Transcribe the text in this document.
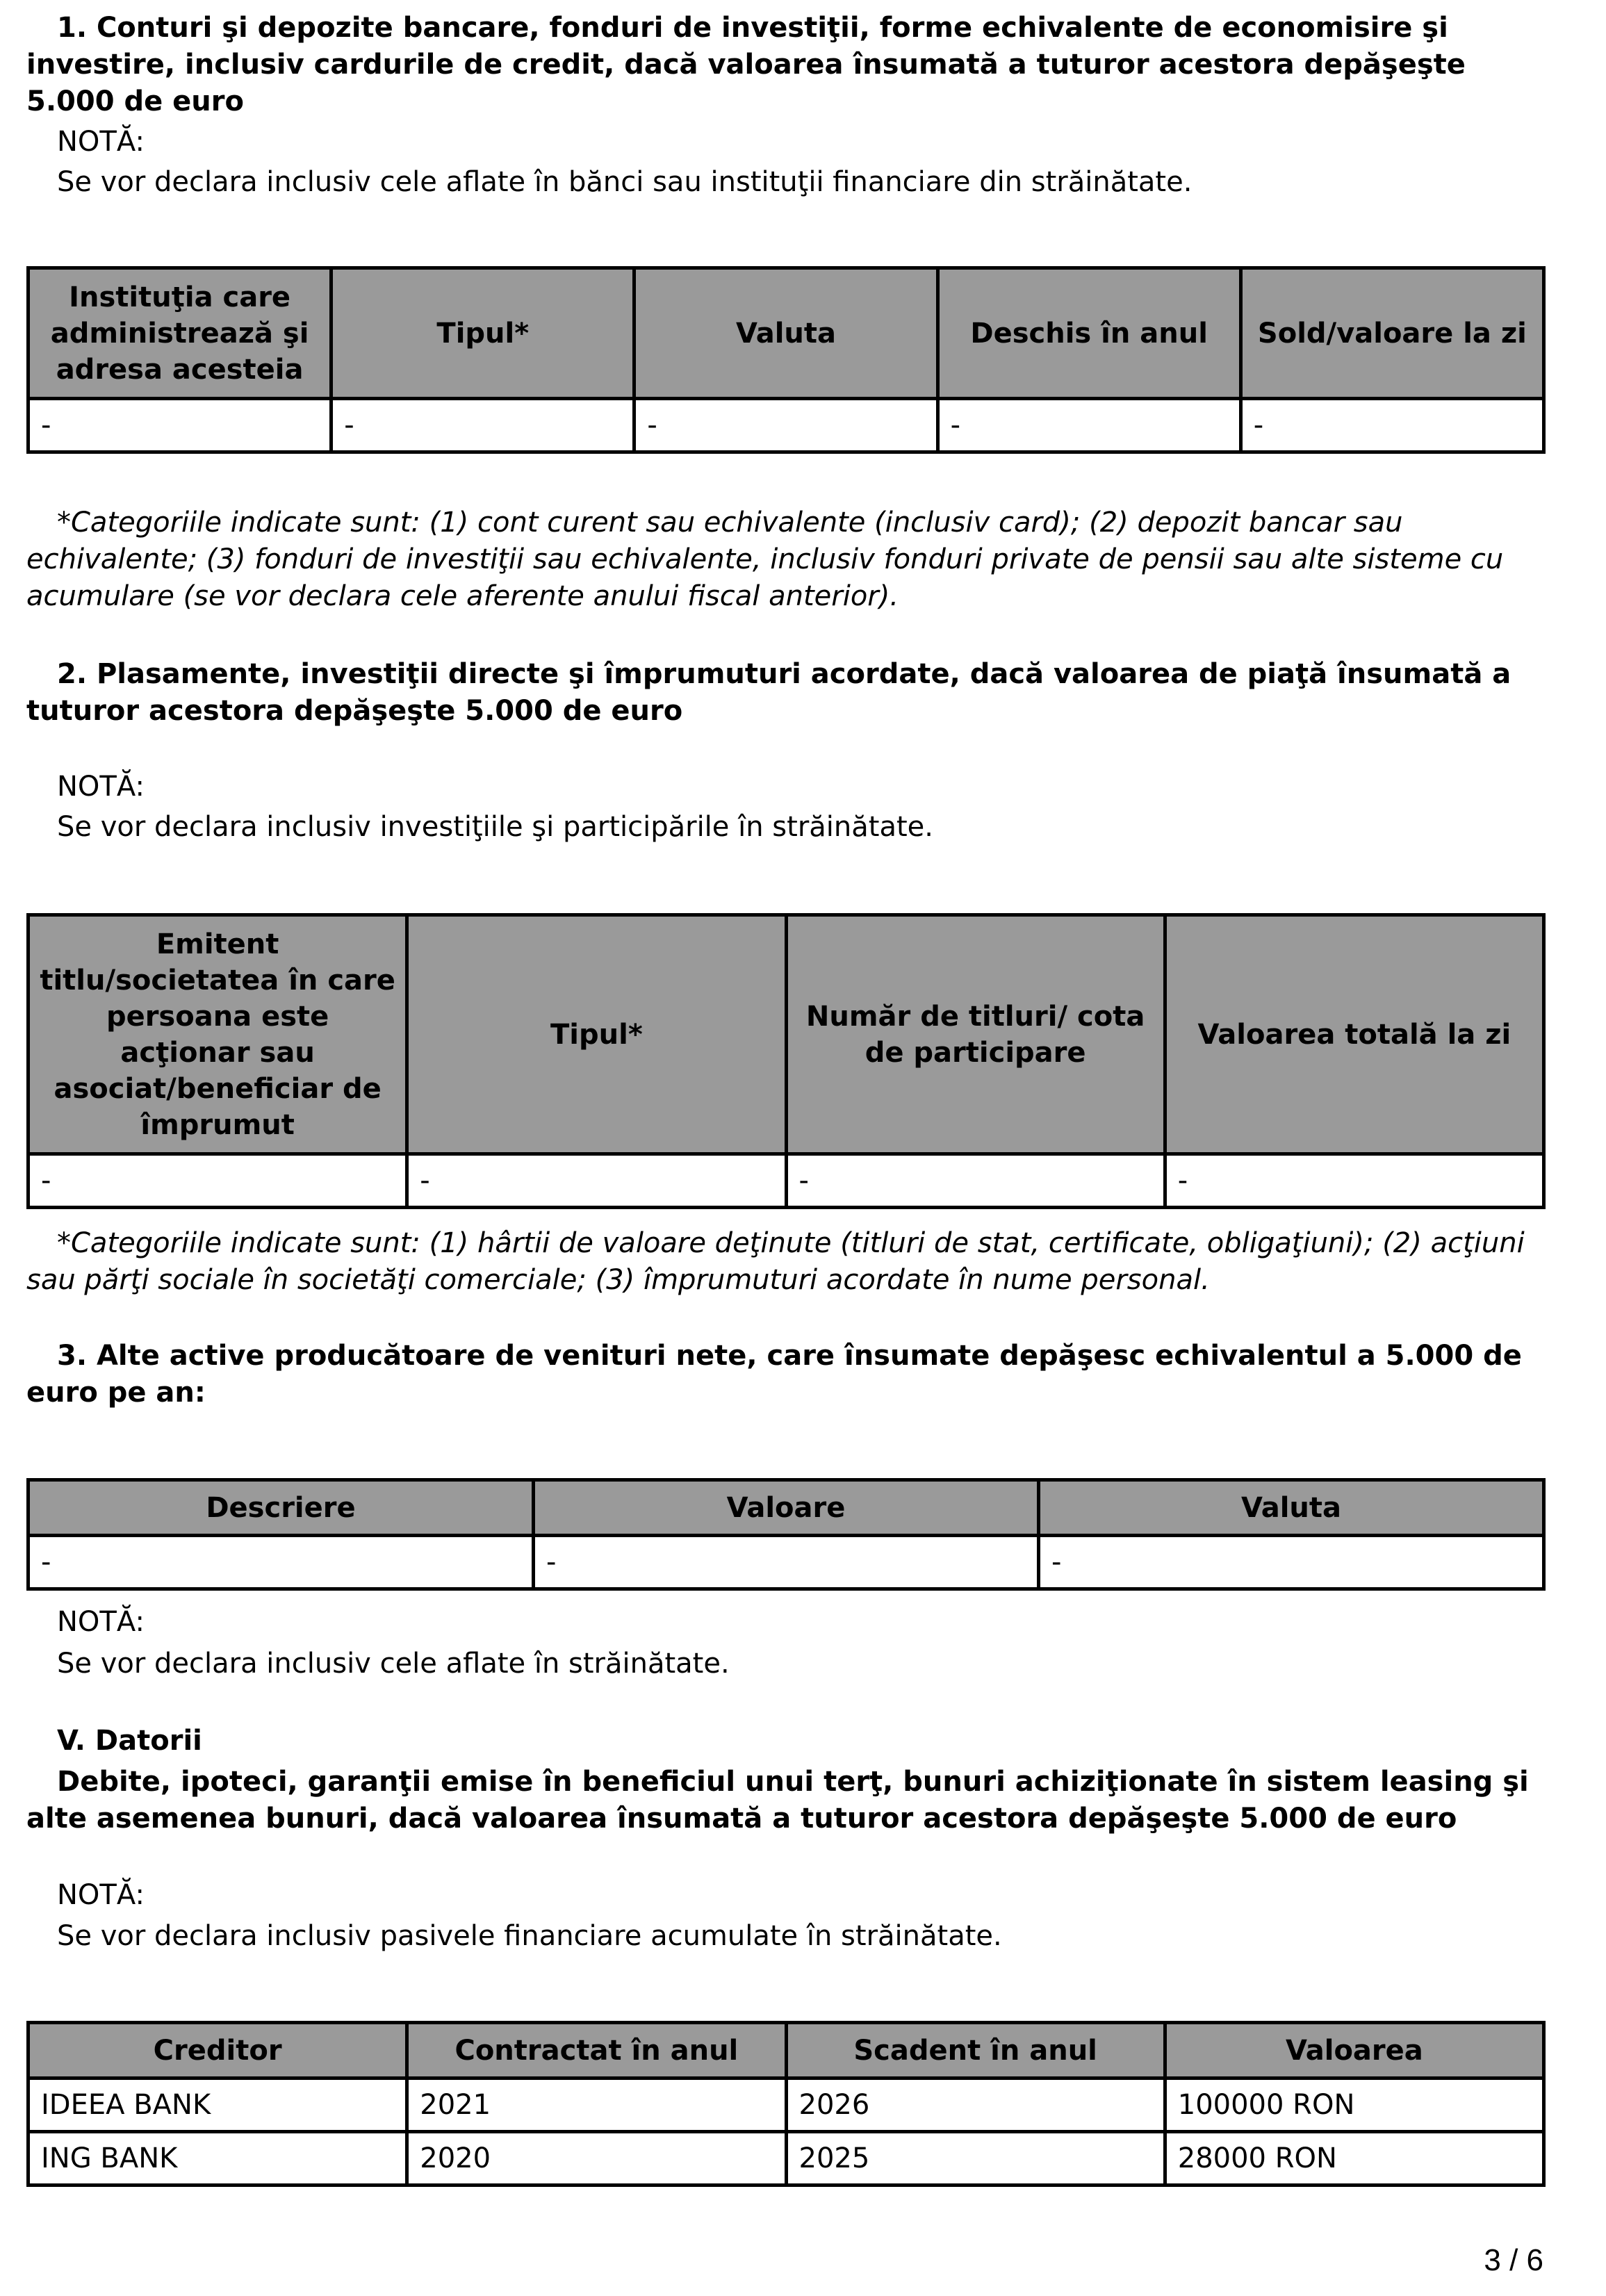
1. Conturi şi depozite bancare, fonduri de investiţii, forme echivalente de economisire şi investire, inclusiv cardurile de credit, dacă valoarea însumată a tuturor acestora depăşeşte 5.000 de euro

NOTĂ:
Se vor declara inclusiv cele aflate în bănci sau instituţii financiare din străinătate.
Instituţia care administrează şi adresa acesteia	Tipul*	Valuta	Deschis în anul	Sold/valoare la zi
-	-	-	-	-

*Categoriile indicate sunt: (1) cont curent sau echivalente (inclusiv card); (2) depozit bancar sau echivalente; (3) fonduri de investiţii sau echivalente, inclusiv fonduri private de pensii sau alte sisteme cu acumulare (se vor declara cele aferente anului fiscal anterior).

2. Plasamente, investiţii directe şi împrumuturi acordate, dacă valoarea de piaţă însumată a tuturor acestora depăşeşte 5.000 de euro

NOTĂ:
Se vor declara inclusiv investiţiile şi participările în străinătate.
Emitent titlu/societatea în care persoana este acţionar sau asociat/beneficiar de împrumut	Tipul*	Număr de titluri/ cota de participare	Valoarea totală la zi
-	-	-	-

*Categoriile indicate sunt: (1) hârtii de valoare deţinute (titluri de stat, certificate, obligaţiuni); (2) acţiuni sau părţi sociale în societăţi comerciale; (3) împrumuturi acordate în nume personal.

3. Alte active producătoare de venituri nete, care însumate depăşesc echivalentul a 5.000 de euro pe an:

Descriere	Valoare	Valuta
-	-	-
NOTĂ:
Se vor declara inclusiv cele aflate în străinătate.
V. Datorii

Debite, ipoteci, garanţii emise în beneficiul unui terţ, bunuri achiziţionate în sistem leasing şi alte asemenea bunuri, dacă valoarea însumată a tuturor acestora depăşeşte 5.000 de euro

NOTĂ:
Se vor declara inclusiv pasivele financiare acumulate în străinătate.
Creditor	Contractat în anul	Scadent în anul	Valoarea
IDEEA BANK	2021	2026	100000 RON
ING BANK	2020	2025	28000 RON
3 / 6
